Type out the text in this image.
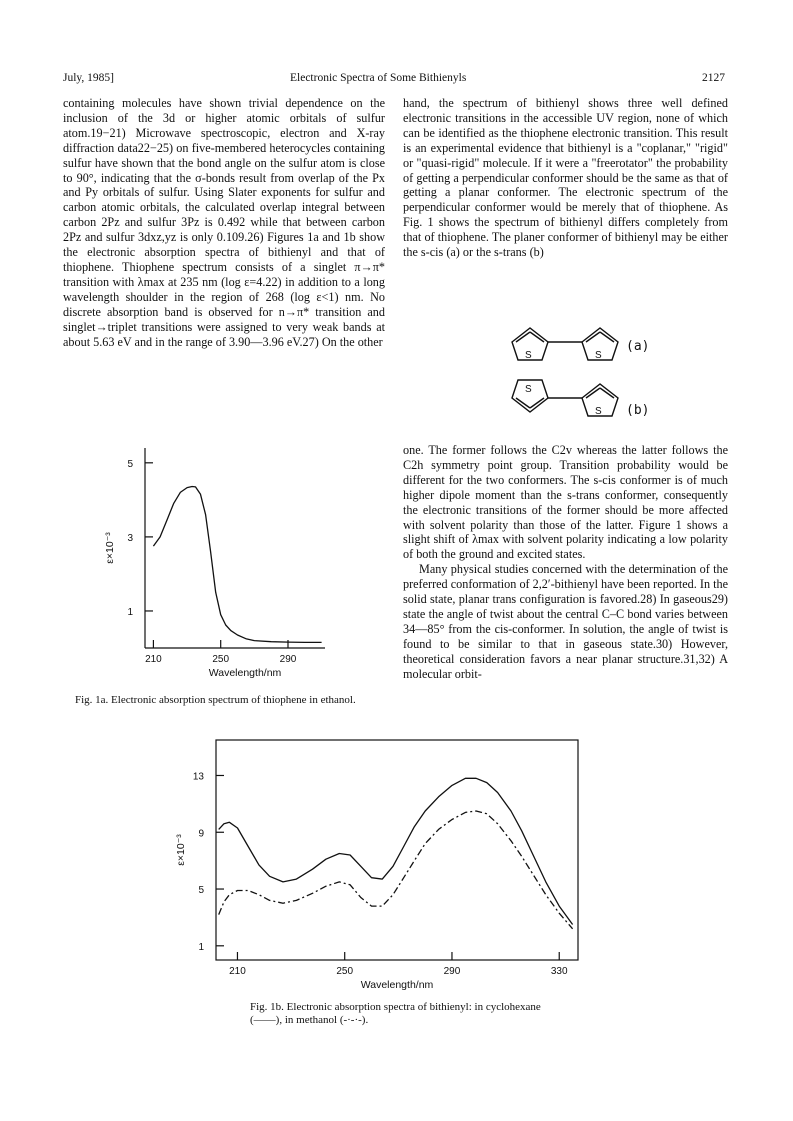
July, 1985]	Electronic Spectra of Some Bithienyls	2127

containing molecules have shown trivial dependence on the inclusion of the 3d or higher atomic orbitals of sulfur atom.19−21) Microwave spectroscopic, electron and X-ray diffraction data22−25) on five-membered heterocycles containing sulfur have shown that the bond angle on the sulfur atom is close to 90°, indicating that the σ-bonds result from overlap of the Px and Py orbitals of sulfur. Using Slater exponents for sulfur and carbon atomic orbitals, the calculated overlap integral between carbon 2Pz and sulfur 3Pz is 0.492 while that between carbon 2Pz and sulfur 3dxz,yz is only 0.109.26) Figures 1a and 1b show the electronic absorption spectra of bithienyl and that of thiophene. Thiophene spectrum consists of a singlet π→π* transition with λmax at 235 nm (log ε=4.22) in addition to a long wavelength shoulder in the region of 268 (log ε<1) nm. No discrete absorption band is observed for n→π* transition and singlet→triplet transitions were assigned to very weak bands at about 5.63 eV and in the range of 3.90—3.96 eV.27) On the other

hand, the spectrum of bithienyl shows three well defined electronic transitions in the accessible UV region, none of which can be identified as the thiophene electronic transition. This result is an experimental evidence that bithienyl is a "coplanar," "rigid" or "quasi-rigid" molecule. If it were a "freerotator" the probability of getting a perpendicular conformer should be the same as that of getting a planar conformer. The electronic spectrum of the perpendicular conformer would be merely that of thiophene. As Fig. 1 shows the spectrum of bithienyl differs completely from that of thiophene. The planer conformer of bithienyl may be either the s-cis (a) or the s-trans (b)

S	S
(a)
S
S (b)

one. The former follows the C2v whereas the latter follows the C2h symmetry point group. Transition probability would be different for the two conformers. The s-cis conformer is of much higher dipole moment than the s-trans conformer, consequently the electronic transitions of the former should be more affected with solvent polarity than those of the latter. Figure 1 shows a slight shift of λmax with solvent polarity indicating a low polarity of both the ground and excited states.

Many physical studies concerned with the determination of the preferred conformation of 2,2′-bithienyl have been reported. In the solid state, planar trans configuration is favored.28) In gaseous29) state the angle of twist about the central C–C bond varies between 34—85° from the cis-conformer. In solution, the angle of twist is found to be similar to that in gaseous state.30) However, theoretical consideration favors a near planar structure.31,32) A molecular orbit-

1
3
5
210	250	290
Wavelength/nm
ε×10⁻³
Fig. 1a. Electronic absorption spectrum of thiophene in ethanol.
1
5
9
13
210	250	290	330
Wavelength/nm
ε×10⁻³
Fig. 1b. Electronic absorption spectra of bithienyl: in cyclohexane (——), in methanol (-·-·-).
